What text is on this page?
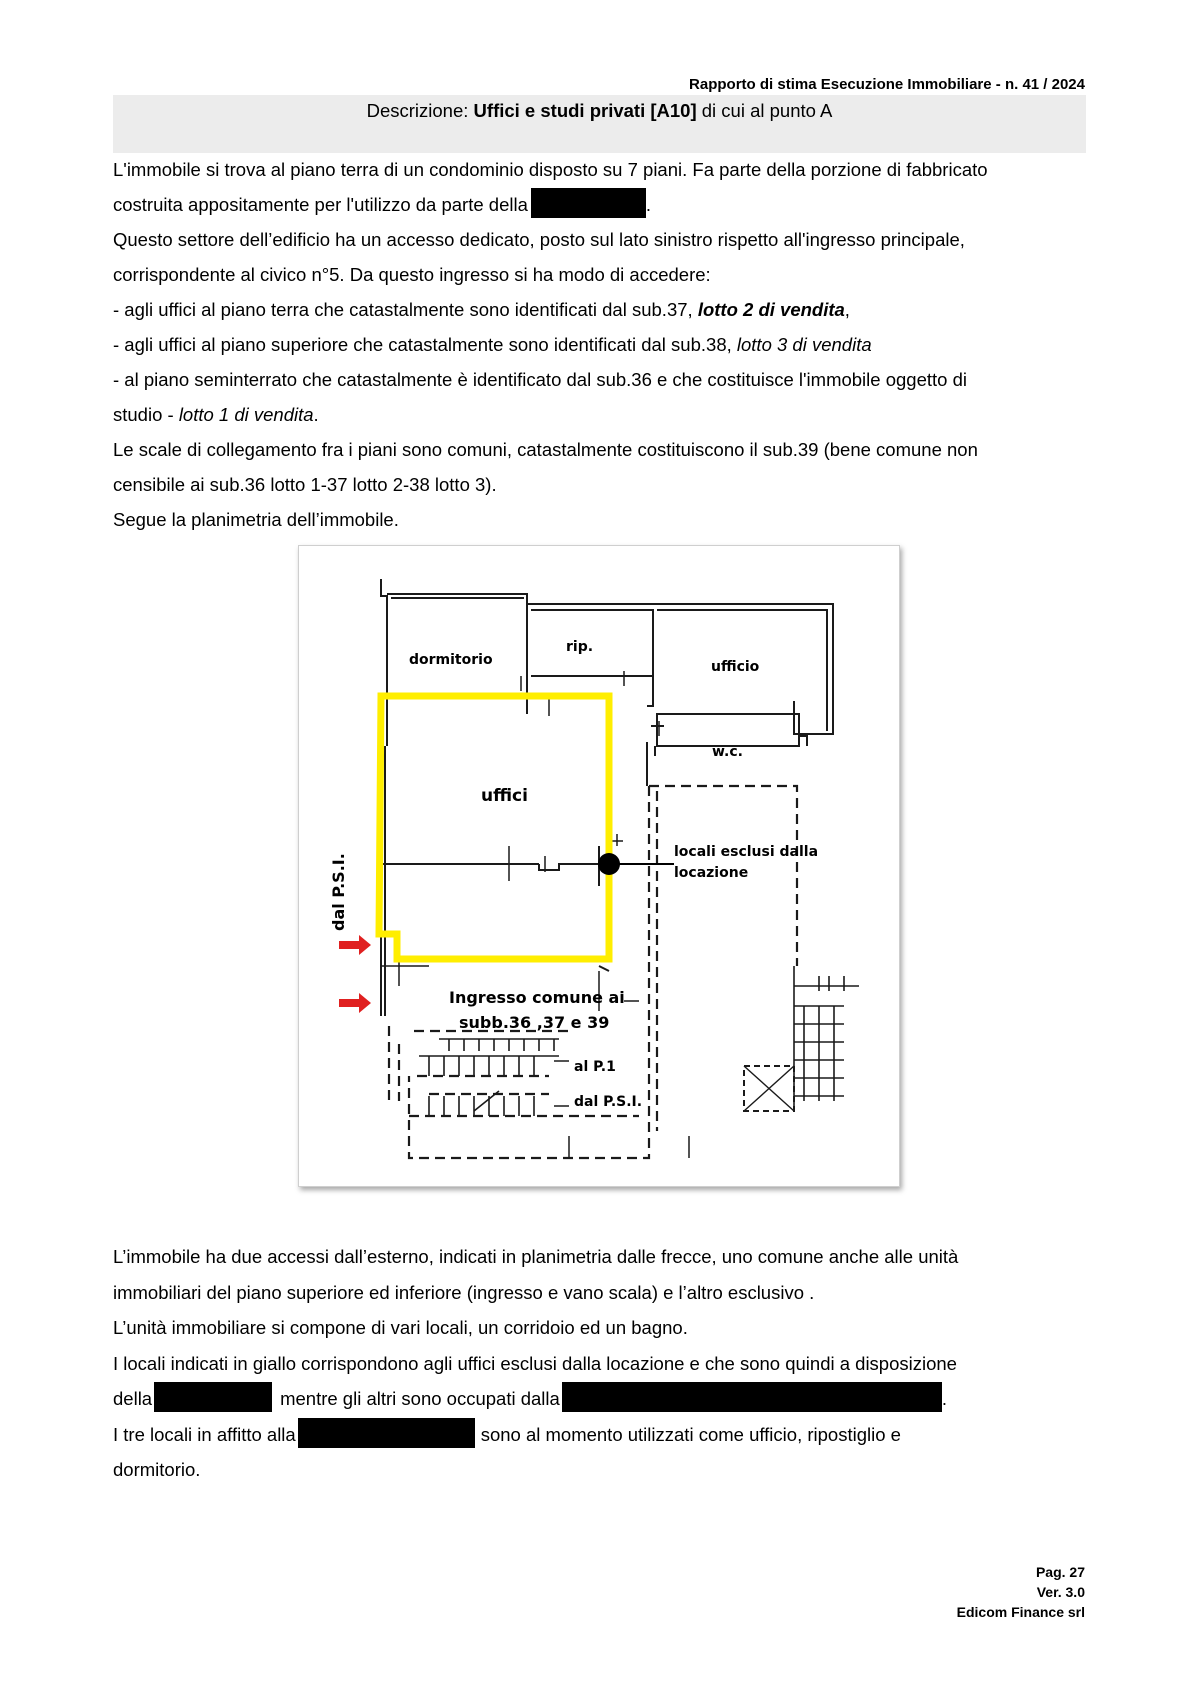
Rapporto di stima Esecuzione Immobiliare - n. 41 / 2024
Descrizione: Uffici e studi privati [A10] di cui al punto A

L'immobile si trova al piano terra di un condominio disposto su 7 piani. Fa parte della porzione di fabbricato

costruita appositamente per l'utilizzo da parte della	.

Questo settore dell’edificio ha un accesso dedicato, posto sul lato sinistro rispetto all'ingresso principale,

corrispondente al civico n°5. Da questo ingresso si ha modo di accedere:

- agli uffici al piano terra che catastalmente sono identificati dal sub.37, lotto 2 di vendita,

- agli uffici al piano superiore che catastalmente sono identificati dal sub.38, lotto 3 di vendita

- al piano seminterrato che catastalmente è identificato dal sub.36 e che costituisce l'immobile oggetto di

studio - lotto 1 di vendita.

Le scale di collegamento fra i piani sono comuni, catastalmente costituiscono il sub.39 (bene comune non

censibile ai sub.36 lotto 1-37 lotto 2-38 lotto 3).

Segue la planimetria dell’immobile.

dormitorio
rip.
ufficio
w.c.
uffici
locali esclusi dalla
locazione
dal P.S.I.
Ingresso comune ai
subb.36 ,37 e 39
al P.1
dal P.S.I.

L’immobile ha due accessi dall’esterno, indicati in planimetria dalle frecce, uno comune anche alle unità

immobiliari del piano superiore ed inferiore (ingresso e vano scala) e l’altro esclusivo .

L’unità immobiliare si compone di vari locali, un corridoio ed un bagno.

I locali indicati in giallo corrispondono agli uffici esclusi dalla locazione e che sono quindi a disposizione

della	mentre gli altri sono occupati dalla	.

I tre locali in affitto alla	sono al momento utilizzati come ufficio, ripostiglio e

dormitorio.

Pag. 27
Ver. 3.0
Edicom Finance srl
